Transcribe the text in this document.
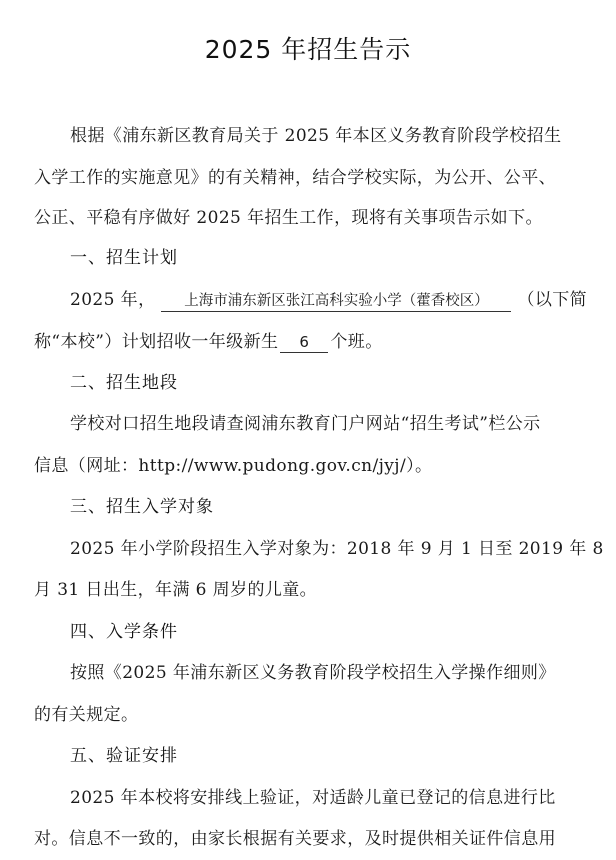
2025 年招生告示
根据《浦东新区教育局关于 2025 年本区义务教育阶段学校招生
入学工作的实施意见》的有关精神，结合学校实际，为公开、公平、
公正、平稳有序做好 2025 年招生工作，现将有关事项告示如下。
一、招生计划
2025 年， 上海市浦东新区张江高科实验小学（藿香校区） （以下简
称“本校”）计划招收一年级新生 6 个班。
二、招生地段
学校对口招生地段请查阅浦东教育门户网站“招生考试”栏公示
信息（网址：http://www.pudong.gov.cn/jyj/）。
三、招生入学对象
2025 年小学阶段招生入学对象为：2018 年 9 月 1 日至 2019 年 8
月 31 日出生，年满 6 周岁的儿童。
四、入学条件
按照《2025 年浦东新区义务教育阶段学校招生入学操作细则》
的有关规定。
五、验证安排
2025 年本校将安排线上验证，对适龄儿童已登记的信息进行比
对。信息不一致的，由家长根据有关要求，及时提供相关证件信息用
